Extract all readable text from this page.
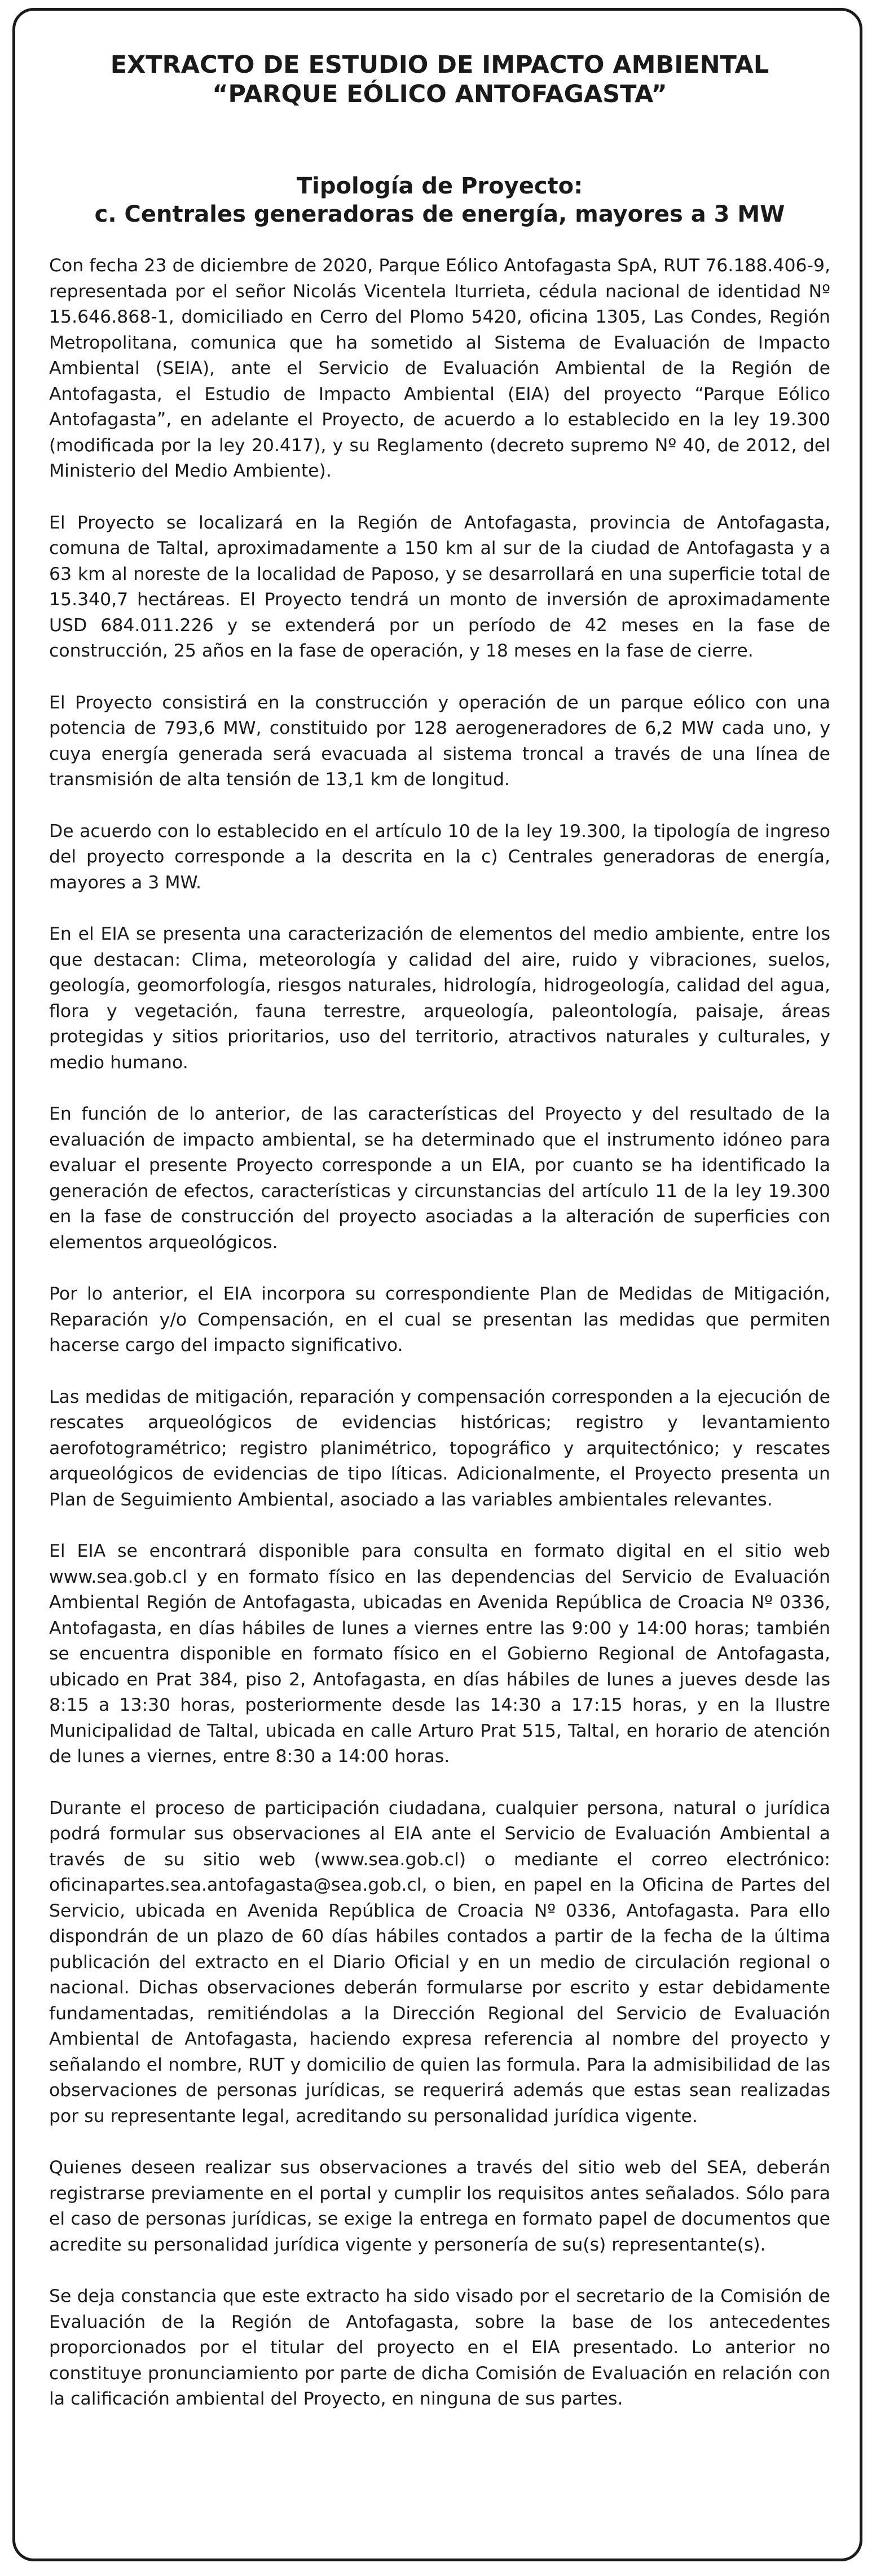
EXTRACTO DE ESTUDIO DE IMPACTO AMBIENTAL
“PARQUE EÓLICO ANTOFAGASTA”
Tipología de Proyecto:
c. Centrales generadoras de energía, mayores a 3 MW

Con fecha 23 de diciembre de 2020, Parque Eólico Antofagasta SpA, RUT 76.188.406-9, representada por el señor Nicolás Vicentela Iturrieta, cédula nacional de identidad Nº 15.646.868-1, domiciliado en Cerro del Plomo 5420, oficina 1305, Las Condes, Región Metropolitana, comunica que ha sometido al Sistema de Evaluación de Impacto Ambiental (SEIA), ante el Servicio de Evaluación Ambiental de la Región de Antofagasta, el Estudio de Impacto Ambiental (EIA) del proyecto “Parque Eólico Antofagasta”, en adelante el Proyecto, de acuerdo a lo establecido en la ley 19.300 (modificada por la ley 20.417), y su Reglamento (decreto supremo Nº 40, de 2012, del Ministerio del Medio Ambiente).

El Proyecto se localizará en la Región de Antofagasta, provincia de Antofagasta, comuna de Taltal, aproximadamente a 150 km al sur de la ciudad de Antofagasta y a 63 km al noreste de la localidad de Paposo, y se desarrollará en una superficie total de 15.340,7 hectáreas. El Proyecto tendrá un monto de inversión de aproximadamente USD 684.011.226 y se extenderá por un período de 42 meses en la fase de construcción, 25 años en la fase de operación, y 18 meses en la fase de cierre.

El Proyecto consistirá en la construcción y operación de un parque eólico con una potencia de 793,6 MW, constituido por 128 aerogeneradores de 6,2 MW cada uno, y cuya energía generada será evacuada al sistema troncal a través de una línea de transmisión de alta tensión de 13,1 km de longitud.

De acuerdo con lo establecido en el artículo 10 de la ley 19.300, la tipología de ingreso del proyecto corresponde a la descrita en la c) Centrales generadoras de energía, mayores a 3 MW.

En el EIA se presenta una caracterización de elementos del medio ambiente, entre los que destacan: Clima, meteorología y calidad del aire, ruido y vibraciones, suelos, geología, geomorfología, riesgos naturales, hidrología, hidrogeología, calidad del agua, flora y vegetación, fauna terrestre, arqueología, paleontología, paisaje, áreas protegidas y sitios prioritarios, uso del territorio, atractivos naturales y culturales, y medio humano.

En función de lo anterior, de las características del Proyecto y del resultado de la evaluación de impacto ambiental, se ha determinado que el instrumento idóneo para evaluar el presente Proyecto corresponde a un EIA, por cuanto se ha identificado la generación de efectos, características y circunstancias del artículo 11 de la ley 19.300 en la fase de construcción del proyecto asociadas a la alteración de superficies con elementos arqueológicos.

Por lo anterior, el EIA incorpora su correspondiente Plan de Medidas de Mitigación, Reparación y/o Compensación, en el cual se presentan las medidas que permiten hacerse cargo del impacto significativo.

Las medidas de mitigación, reparación y compensación corresponden a la ejecución de rescates arqueológicos de evidencias históricas; registro y levantamiento aerofotogramétrico; registro planimétrico, topográfico y arquitectónico; y rescates arqueológicos de evidencias de tipo líticas. Adicionalmente, el Proyecto presenta un Plan de Seguimiento Ambiental, asociado a las variables ambientales relevantes.

El EIA se encontrará disponible para consulta en formato digital en el sitio web www.sea.gob.cl y en formato físico en las dependencias del Servicio de Evaluación Ambiental Región de Antofagasta, ubicadas en Avenida República de Croacia Nº 0336, Antofagasta, en días hábiles de lunes a viernes entre las 9:00 y 14:00 horas; también se encuentra disponible en formato físico en el Gobierno Regional de Antofagasta, ubicado en Prat 384, piso 2, Antofagasta, en días hábiles de lunes a jueves desde las 8:15 a 13:30 horas, posteriormente desde las 14:30 a 17:15 horas, y en la Ilustre Municipalidad de Taltal, ubicada en calle Arturo Prat 515, Taltal, en horario de atención de lunes a viernes, entre 8:30 a 14:00 horas.

Durante el proceso de participación ciudadana, cualquier persona, natural o jurídica podrá formular sus observaciones al EIA ante el Servicio de Evaluación Ambiental a través de su sitio web (www.sea.gob.cl) o mediante el correo electrónico: oficinapartes.sea.antofagasta@sea.gob.cl, o bien, en papel en la Oficina de Partes del Servicio, ubicada en Avenida República de Croacia Nº 0336, Antofagasta. Para ello dispondrán de un plazo de 60 días hábiles contados a partir de la fecha de la última publicación del extracto en el Diario Oficial y en un medio de circulación regional o nacional. Dichas observaciones deberán formularse por escrito y estar debidamente fundamentadas, remitiéndolas a la Dirección Regional del Servicio de Evaluación Ambiental de Antofagasta, haciendo expresa referencia al nombre del proyecto y señalando el nombre, RUT y domicilio de quien las formula. Para la admisibilidad de las observaciones de personas jurídicas, se requerirá además que estas sean realizadas por su representante legal, acreditando su personalidad jurídica vigente.

Quienes deseen realizar sus observaciones a través del sitio web del SEA, deberán registrarse previamente en el portal y cumplir los requisitos antes señalados. Sólo para el caso de personas jurídicas, se exige la entrega en formato papel de documentos que acredite su personalidad jurídica vigente y personería de su(s) representante(s).

Se deja constancia que este extracto ha sido visado por el secretario de la Comisión de Evaluación de la Región de Antofagasta, sobre la base de los antecedentes proporcionados por el titular del proyecto en el EIA presentado. Lo anterior no constituye pronunciamiento por parte de dicha Comisión de Evaluación en relación con la calificación ambiental del Proyecto, en ninguna de sus partes.
